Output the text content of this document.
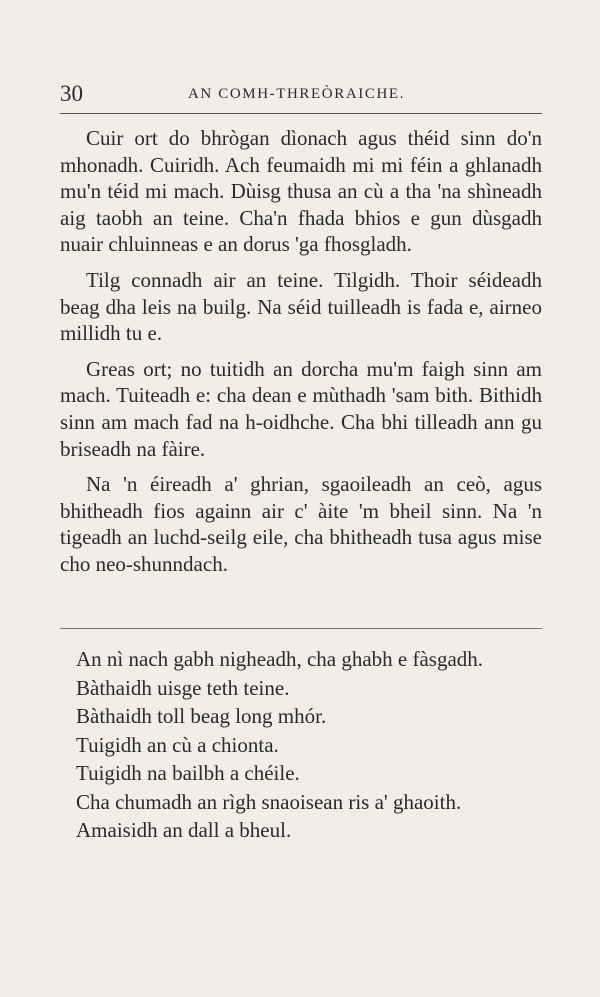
30	AN COMH-THREÒRAICHE.

Cuir ort do bhrògan dìonach agus théid sinn do'n mhonadh. Cuiridh. Ach feumaidh mi mi féin a ghlanadh mu'n téid mi mach. Dùisg thusa an cù a tha 'na shìneadh aig taobh an teine. Cha'n fhada bhios e gun dùsgadh nuair chluinneas e an dorus 'ga fhosgladh.

Tilg connadh air an teine. Tilgidh. Thoir séideadh beag dha leis na builg. Na séid tuilleadh is fada e, airneo millidh tu e.

Greas ort; no tuitidh an dorcha mu'm faigh sinn am mach. Tuiteadh e: cha dean e mùthadh 'sam bith. Bithidh sinn am mach fad na h-oidhche. Cha bhi tilleadh ann gu briseadh na fàire.

Na 'n éireadh a' ghrian, sgaoileadh an ceò, agus bhitheadh fios againn air c' àite 'm bheil sinn. Na 'n tigeadh an luchd-seilg eile, cha bhitheadh tusa agus mise cho neo-shunndach.

An nì nach gabh nigheadh, cha ghabh e fàsgadh.

Bàthaidh uisge teth teine.

Bàthaidh toll beag long mhór.

Tuigidh an cù a chionta.

Tuigidh na bailbh a chéile.

Cha chumadh an rìgh snaoisean ris a' ghaoith.

Amaisidh an dall a bheul.
